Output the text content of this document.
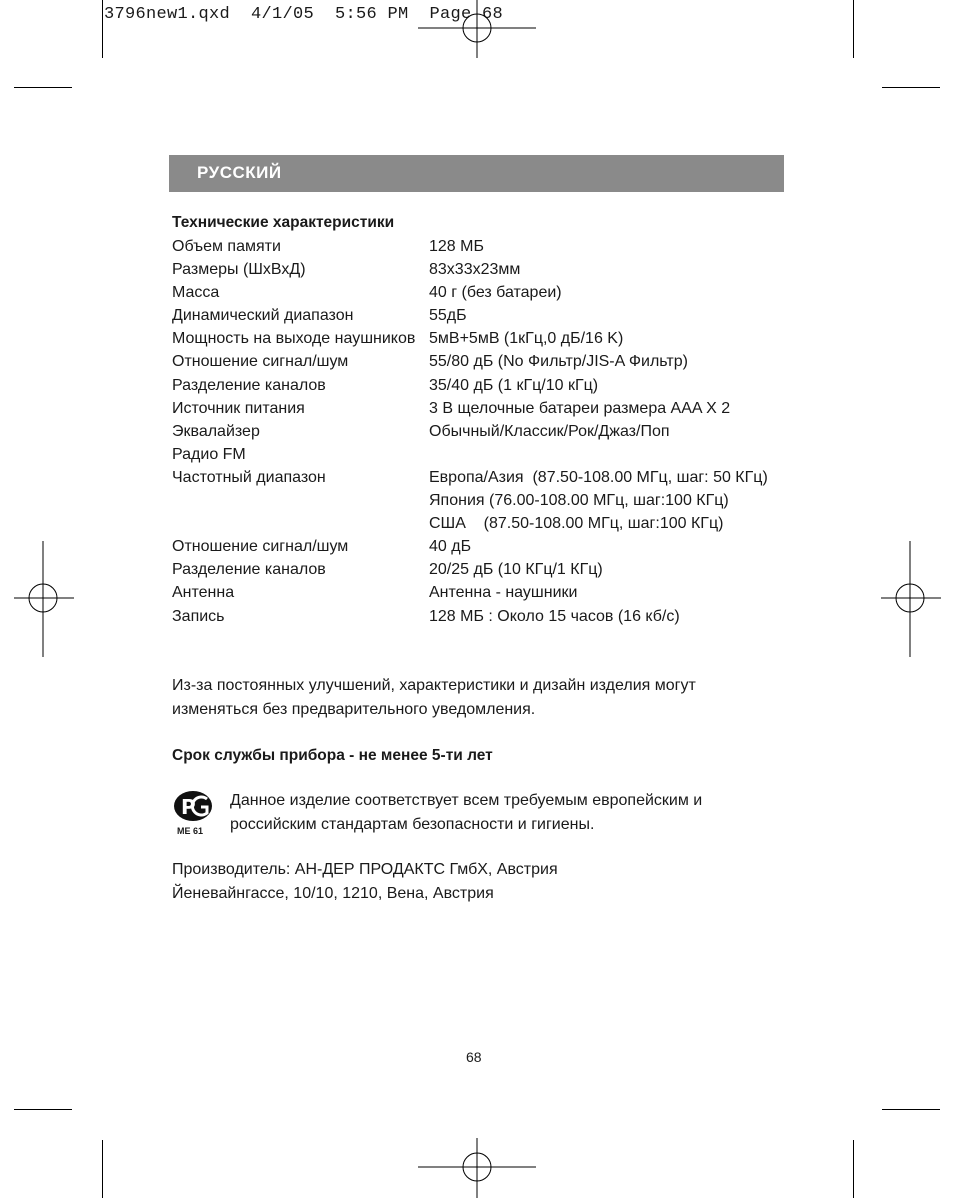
3796new1.qxd  4/1/05  5:56 PM  Page 68
РУССКИЙ
Технические характеристики
Объем памяти	128 МБ
Размеры (ШхВхД)	83x33x23мм
Масса	40 г (без батареи)
Динамический диапазон	55дБ
Мощность на выходе наушников 5мВ+5мВ (1кГц,0 дБ/16 K)
Отношение сигнал/шум	55/80 дБ (No Фильтр/JIS-A Фильтр)
Разделение каналов	35/40 дБ (1 кГц/10 кГц)
Источник питания	3 В щелочные батареи размера AAA X 2
Эквалайзер	Обычный/Классик/Рок/Джаз/Поп
Радио FM
Частотный диапазон	Европа/Азия  (87.50-108.00 МГц, шаг: 50 КГц)
Япония (76.00-108.00 МГц, шаг:100 КГц)
США    (87.50-108.00 МГц, шаг:100 КГц)
Отношение сигнал/шум	40 дБ
Разделение каналов	20/25 дБ (10 КГц/1 КГц)
Антенна	Антенна - наушники
Запись	128 МБ : Около 15 часов (16 кб/с)
Из-за постоянных улучшений, характеристики и дизайн изделия могут
изменяться без предварительного уведомления.
Срок службы прибора - не менее 5-ти лет
P
ME 61
Данное изделие соответствует всем требуемым европейским и
российским стандартам безопасности и гигиены.
Производитель: АН-ДЕР ПРОДАКТС ГмбХ, Австрия
Йеневайнгассе, 10/10, 1210, Вена, Австрия
68
